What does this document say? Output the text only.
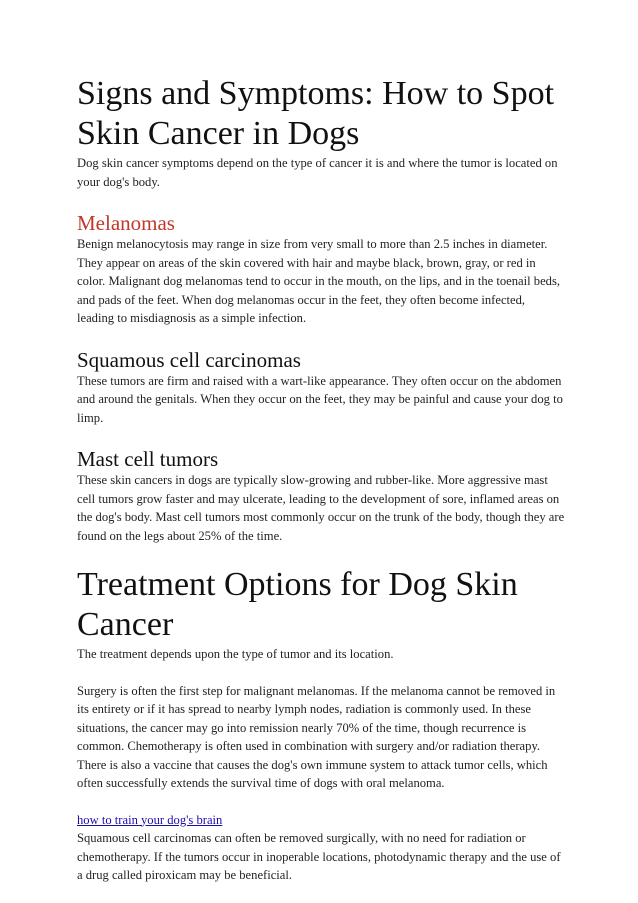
Signs and Symptoms: How to Spot Skin Cancer in Dogs

Dog skin cancer symptoms depend on the type of cancer it is and where the tumor is located on your dog's body.

Melanomas

Benign melanocytosis may range in size from very small to more than 2.5 inches in diameter. They appear on areas of the skin covered with hair and maybe black, brown, gray, or red in color. Malignant dog melanomas tend to occur in the mouth, on the lips, and in the toenail beds, and pads of the feet. When dog melanomas occur in the feet, they often become infected, leading to misdiagnosis as a simple infection.

Squamous cell carcinomas

These tumors are firm and raised with a wart-like appearance. They often occur on the abdomen and around the genitals. When they occur on the feet, they may be painful and cause your dog to limp.

Mast cell tumors

These skin cancers in dogs are typically slow-growing and rubber-like. More aggressive mast cell tumors grow faster and may ulcerate, leading to the development of sore, inflamed areas on the dog's body. Mast cell tumors most commonly occur on the trunk of the body, though they are found on the legs about 25% of the time.

Treatment Options for Dog Skin Cancer

The treatment depends upon the type of tumor and its location.

Surgery is often the first step for malignant melanomas. If the melanoma cannot be removed in its entirety or if it has spread to nearby lymph nodes, radiation is commonly used. In these situations, the cancer may go into remission nearly 70% of the time, though recurrence is common. Chemotherapy is often used in combination with surgery and/or radiation therapy. There is also a vaccine that causes the dog's own immune system to attack tumor cells, which often successfully extends the survival time of dogs with oral melanoma.

how to train your dog's brain

Squamous cell carcinomas can often be removed surgically, with no need for radiation or chemotherapy. If the tumors occur in inoperable locations, photodynamic therapy and the use of a drug called piroxicam may be beneficial.
